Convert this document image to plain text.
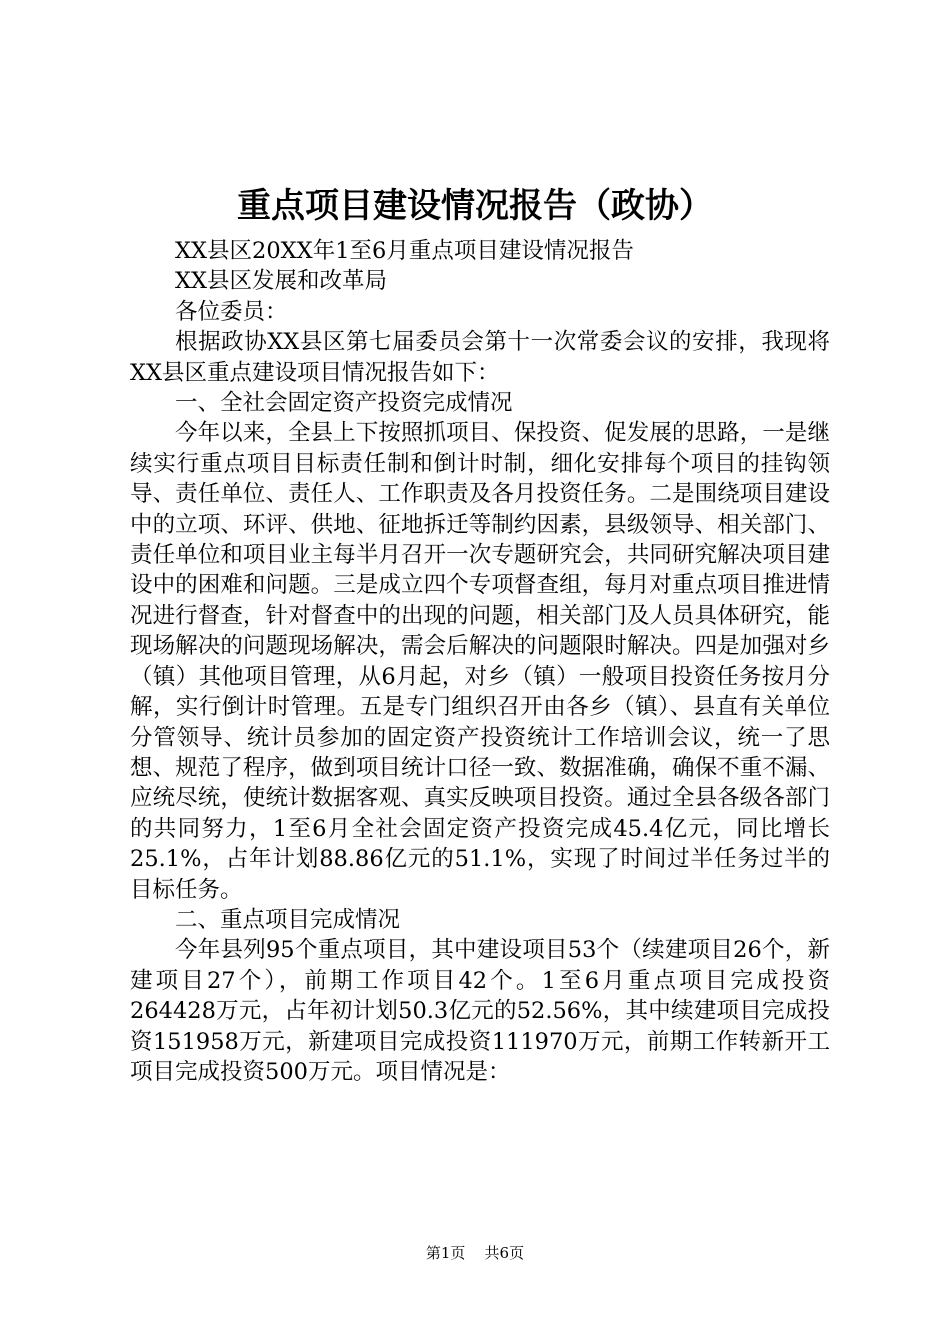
重点项目建设情况报告（政协）

XX县区20XX年1至6月重点项目建设情况报告

XX县区发展和改革局

各位委员：

根据政协XX县区第七届委员会第十一次常委会议的安排，我现将XX县区重点建设项目情况报告如下：

一、全社会固定资产投资完成情况

今年以来，全县上下按照抓项目、保投资、促发展的思路，一是继续实行重点项目目标责任制和倒计时制，细化安排每个项目的挂钩领导、责任单位、责任人、工作职责及各月投资任务。二是围绕项目建设中的立项、环评、供地、征地拆迁等制约因素，县级领导、相关部门、责任单位和项目业主每半月召开一次专题研究会，共同研究解决项目建设中的困难和问题。三是成立四个专项督查组，每月对重点项目推进情况进行督查，针对督查中的出现的问题，相关部门及人员具体研究，能现场解决的问题现场解决，需会后解决的问题限时解决。四是加强对乡（镇）其他项目管理，从6月起，对乡（镇）一般项目投资任务按月分解，实行倒计时管理。五是专门组织召开由各乡（镇）、县直有关单位分管领导、统计员参加的固定资产投资统计工作培训会议，统一了思想、规范了程序，做到项目统计口径一致、数据准确，确保不重不漏、应统尽统，使统计数据客观、真实反映项目投资。通过全县各级各部门的共同努力，1至6月全社会固定资产投资完成45.4亿元，同比增长25.1%，占年计划88.86亿元的51.1%，实现了时间过半任务过半的目标任务。

二、重点项目完成情况

今年县列95个重点项目，其中建设项目53个（续建项目26个，新建项目27个），前期工作项目42个。1至6月重点项目完成投资264428万元，占年初计划50.3亿元的52.56%，其中续建项目完成投资151958万元，新建项目完成投资111970万元，前期工作转新开工项目完成投资500万元。项目情况是：

第1页 共6页
